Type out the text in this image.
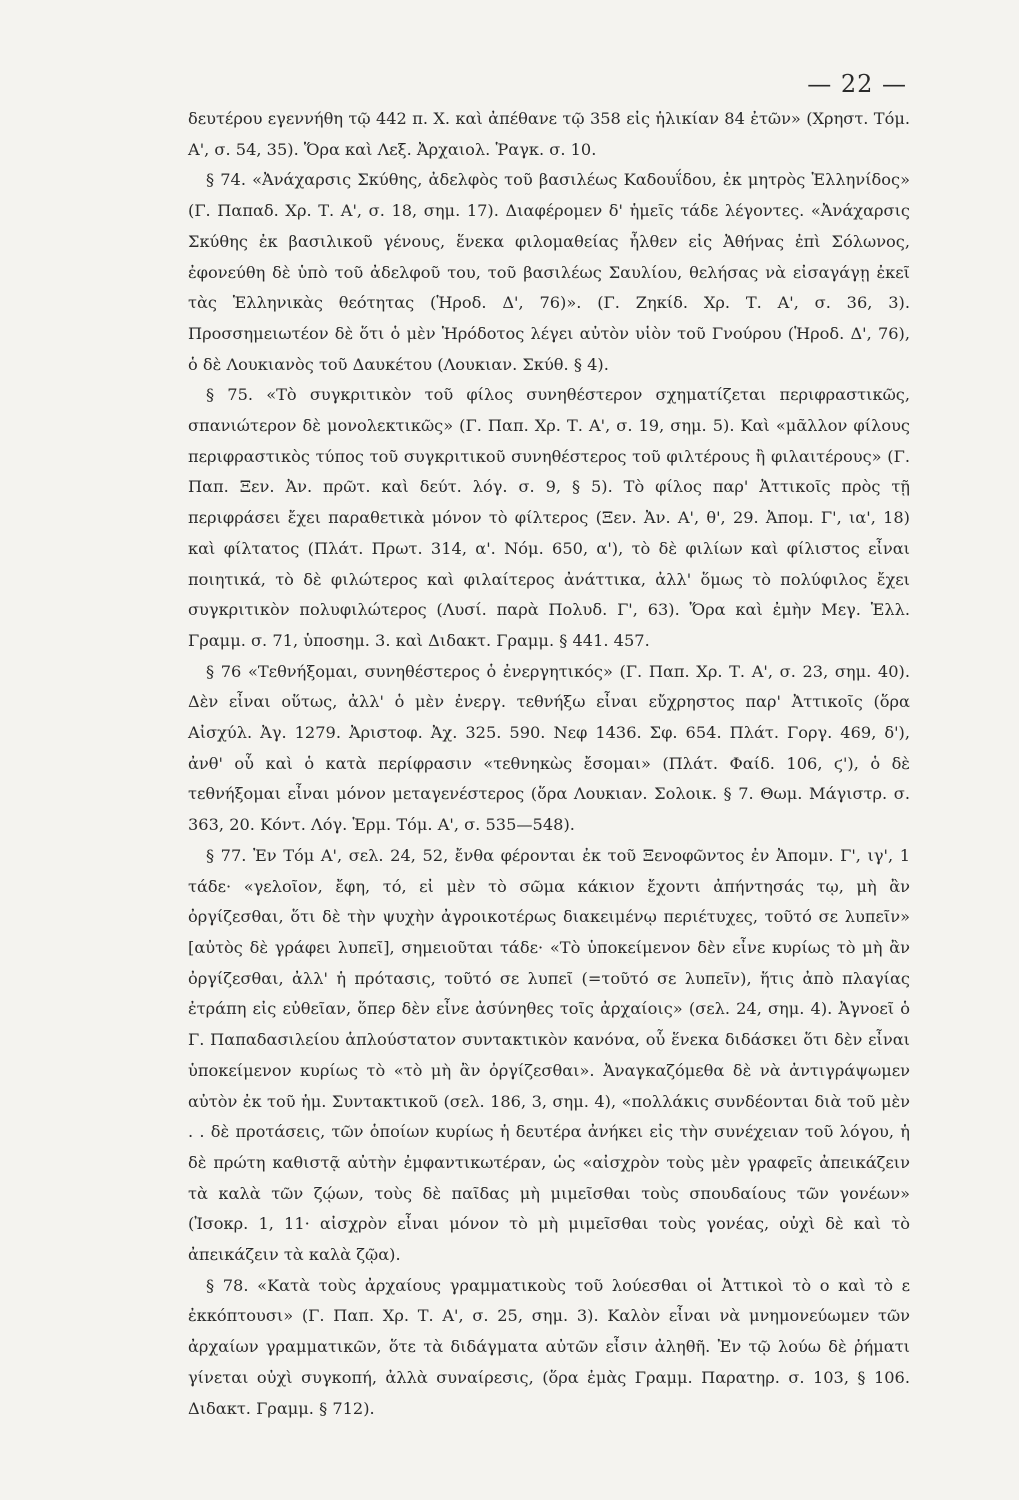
— 22 —

δευτέρου εγεννήθη τῷ 442 π. Χ. καὶ ἀπέθανε τῷ 358 εἰς ἡλικίαν 84 ἐτῶν» (Χρηστ. Τόμ. Α', σ. 54, 35). Ὅρα καὶ Λεξ. Ἀρχαιολ. Ῥαγκ. σ. 10.

§ 74. «Ἀνάχαρσις Σκύθης, ἀδελφὸς τοῦ βασιλέως Καδουΐδου, ἐκ μητρὸς Ἑλληνίδος» (Γ. Παπαδ. Χρ. Τ. Α', σ. 18, σημ. 17). Διαφέρομεν δ' ἡμεῖς τάδε λέγοντες. «Ἀνάχαρσις Σκύθης ἐκ βασιλικοῦ γένους, ἕνεκα φιλομαθείας ἦλθεν εἰς Ἀθήνας ἐπὶ Σόλωνος, ἐφονεύθη δὲ ὑπὸ τοῦ ἀδελφοῦ του, τοῦ βασιλέως Σαυλίου, θελήσας νὰ εἰσαγάγῃ ἐκεῖ τὰς Ἑλληνικὰς θεότητας (Ἡροδ. Δ', 76)». (Γ. Ζηκίδ. Χρ. Τ. Α', σ. 36, 3). Προσσημειωτέον δὲ ὅτι ὁ μὲν Ἡρόδοτος λέγει αὐτὸν υἱὸν τοῦ Γνούρου (Ἡροδ. Δ', 76), ὁ δὲ Λουκιανὸς τοῦ Δαυκέτου (Λουκιαν. Σκύθ. § 4).

§ 75. «Τὸ συγκριτικὸν τοῦ φίλος συνηθέστερον σχηματίζεται περιφραστικῶς, σπανιώτερον δὲ μονολεκτικῶς» (Γ. Παπ. Χρ. Τ. Α', σ. 19, σημ. 5). Καὶ «μᾶλλον φίλους περιφραστικὸς τύπος τοῦ συγκριτικοῦ συνηθέστερος τοῦ φιλτέρους ἢ φιλαιτέρους» (Γ. Παπ. Ξεν. Ἀν. πρῶτ. καὶ δεύτ. λόγ. σ. 9, § 5). Τὸ φίλος παρ' Ἀττικοῖς πρὸς τῇ περιφράσει ἔχει παραθετικὰ μόνον τὸ φίλτερος (Ξεν. Ἀν. Α', θ', 29. Ἀπομ. Γ', ια', 18) καὶ φίλτατος (Πλάτ. Πρωτ. 314, α'. Νόμ. 650, α'), τὸ δὲ φιλίων καὶ φίλιστος εἶναι ποιητικά, τὸ δὲ φιλώτερος καὶ φιλαίτερος ἀνάττικα, ἀλλ' ὅμως τὸ πολύφιλος ἔχει συγκριτικὸν πολυφιλώτερος (Λυσί. παρὰ Πολυδ. Γ', 63). Ὅρα καὶ ἐμὴν Μεγ. Ἑλλ. Γραμμ. σ. 71, ὑποσημ. 3. καὶ Διδακτ. Γραμμ. § 441. 457.

§ 76 «Τεθνήξομαι, συνηθέστερος ὁ ἐνεργητικός» (Γ. Παπ. Χρ. Τ. Α', σ. 23, σημ. 40). Δὲν εἶναι οὕτως, ἀλλ' ὁ μὲν ἐνεργ. τεθνήξω εἶναι εὔχρηστος παρ' Ἀττικοῖς (ὅρα Αἰσχύλ. Ἀγ. 1279. Ἀριστοφ. Ἀχ. 325. 590. Νεφ 1436. Σφ. 654. Πλάτ. Γοργ. 469, δ'), ἀνθ' οὗ καὶ ὁ κατὰ περίφρασιν «τεθνηκὼς ἔσομαι» (Πλάτ. Φαίδ. 106, ϛ'), ὁ δὲ τεθνήξομαι εἶναι μόνον μεταγενέστερος (ὅρα Λουκιαν. Σολοικ. § 7. Θωμ. Μάγιστρ. σ. 363, 20. Κόντ. Λόγ. Ἑρμ. Τόμ. Α', σ. 535—548).

§ 77. Ἐν Τόμ Α', σελ. 24, 52, ἔνθα φέρονται ἐκ τοῦ Ξενοφῶντος ἐν Ἀπομν. Γ', ιγ', 1 τάδε· «γελοῖον, ἔφη, τό, εἰ μὲν τὸ σῶμα κάκιον ἔχοντι ἀπήντησάς τῳ, μὴ ἂν ὀργίζεσθαι, ὅτι δὲ τὴν ψυχὴν ἀγροικοτέρως διακειμένῳ περιέτυχες, τοῦτό σε λυπεῖν» [αὐτὸς δὲ γράφει λυπεῖ], σημειοῦται τάδε· «Τὸ ὑποκείμενον δὲν εἶνε κυρίως τὸ μὴ ἂν ὀργίζεσθαι, ἀλλ' ἡ πρότασις, τοῦτό σε λυπεῖ (=τοῦτό σε λυπεῖν), ἥτις ἀπὸ πλαγίας ἐτράπη εἰς εὐθεῖαν, ὅπερ δὲν εἶνε ἀσύνηθες τοῖς ἀρχαίοις» (σελ. 24, σημ. 4). Ἀγνοεῖ ὁ Γ. Παπαδασιλείου ἁπλούστατον συντακτικὸν κανόνα, οὗ ἕνεκα διδάσκει ὅτι δὲν εἶναι ὑποκείμενον κυρίως τὸ «τὸ μὴ ἂν ὀργίζεσθαι». Ἀναγκαζόμεθα δὲ νὰ ἀντιγράψωμεν αὐτὸν ἐκ τοῦ ἡμ. Συντακτικοῦ (σελ. 186, 3, σημ. 4), «πολλάκις συνδέονται διὰ τοῦ μὲν . . δὲ προτάσεις, τῶν ὁποίων κυρίως ἡ δευτέρα ἀνήκει εἰς τὴν συνέχειαν τοῦ λόγου, ἡ δὲ πρώτη καθιστᾷ αὐτὴν ἐμφαντικωτέραν, ὡς «αἰσχρὸν τοὺς μὲν γραφεῖς ἀπεικάζειν τὰ καλὰ τῶν ζῴων, τοὺς δὲ παῖδας μὴ μιμεῖσθαι τοὺς σπουδαίους τῶν γονέων» (Ἰσοκρ. 1, 11· αἰσχρὸν εἶναι μόνον τὸ μὴ μιμεῖσθαι τοὺς γονέας, οὐχὶ δὲ καὶ τὸ ἀπεικάζειν τὰ καλὰ ζῷα).

§ 78. «Κατὰ τοὺς ἀρχαίους γραμματικοὺς τοῦ λούεσθαι οἱ Ἀττικοὶ τὸ ο καὶ τὸ ε ἐκκόπτουσι» (Γ. Παπ. Χρ. Τ. Α', σ. 25, σημ. 3). Καλὸν εἶναι νὰ μνημονεύωμεν τῶν ἀρχαίων γραμματικῶν, ὅτε τὰ διδάγματα αὐτῶν εἶσιν ἀληθῆ. Ἐν τῷ λούω δὲ ῥήματι γίνεται οὐχὶ συγκοπή, ἀλλὰ συναίρεσις, (ὅρα ἐμὰς Γραμμ. Παρατηρ. σ. 103, § 106. Διδακτ. Γραμμ. § 712).
